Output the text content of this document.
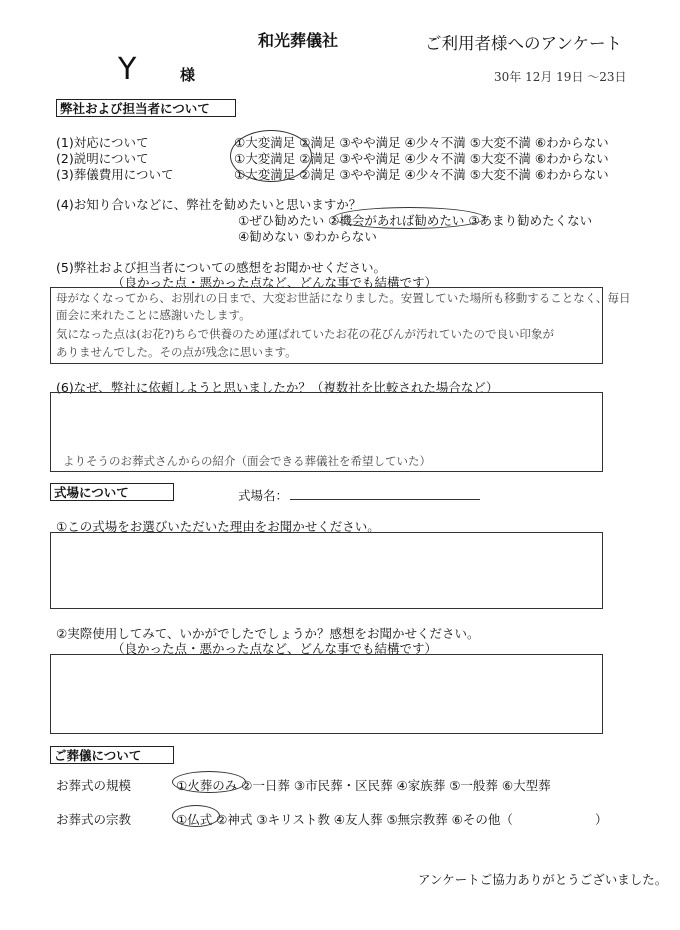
和光葬儀社	ご利用者様へのアンケート
Y	様	30年 12月 19日 〜23日
弊社および担当者について
(1)対応について	①大変満足 ②満足 ③やや満足 ④少々不満 ⑤大変不満 ⑥わからない
(2)説明について	①大変満足 ②満足 ③やや満足 ④少々不満 ⑤大変不満 ⑥わからない
(3)葬儀費用について	①大変満足 ②満足 ③やや満足 ④少々不満 ⑤大変不満 ⑥わからない
(4)お知り合いなどに、弊社を勧めたいと思いますか？
①ぜひ勧めたい ②機会があれば勧めたい ③あまり勧めたくない
④勧めない ⑤わからない
(5)弊社および担当者についての感想をお聞かせください。
（良かった点・悪かった点など、どんな事でも結構です）
母がなくなってから、お別れの日まで、大変お世話になりました。安置していた場所も移動することなく、毎日
面会に来れたことに感謝いたします。
気になった点は(お花?)ちらで供養のため運ばれていたお花の花びんが汚れていたので良い印象が
ありませんでした。その点が残念に思います。
(6)なぜ、弊社に依頼しようと思いましたか？（複数社を比較された場合など）
よりそうのお葬式さんからの紹介（面会できる葬儀社を希望していた）
式場について	式場名：
①この式場をお選びいただいた理由をお聞かせください。
②実際使用してみて、いかがでしたでしょうか？感想をお聞かせください。
（良かった点・悪かった点など、どんな事でも結構です）
ご葬儀について
お葬式の規模	①火葬のみ ②一日葬 ③市民葬・区民葬 ④家族葬 ⑤一般葬 ⑥大型葬
お葬式の宗教	①仏式 ②神式 ③キリスト教 ④友人葬 ⑤無宗教葬 ⑥その他（	）
アンケートご協力ありがとうございました。
